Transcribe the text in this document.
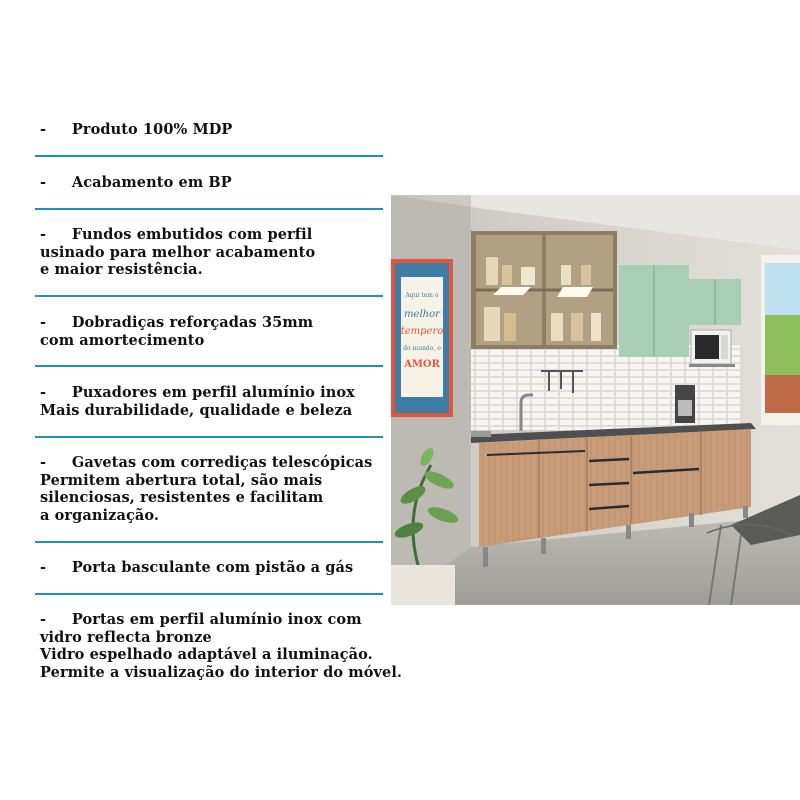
-     Produto 100% MDP
-     Acabamento em BP
-     Fundos embutidos com perfil
usinado para melhor acabamento
e maior resistência.
-     Dobradiças reforçadas 35mm
com amortecimento
-     Puxadores em perfil alumínio inox
Mais durabilidade, qualidade e beleza
-     Gavetas com corrediças telescópicas
Permitem abertura total, são mais
silenciosas, resistentes e facilitam
a organização.
-     Porta basculante com pistão a gás
-     Portas em perfil alumínio inox com
vidro reflecta bronze
Vidro espelhado adaptável a iluminação.
Permite a visualização do interior do móvel.
Aqui tem o
melhor
tempero
do mundo, o
AMOR
